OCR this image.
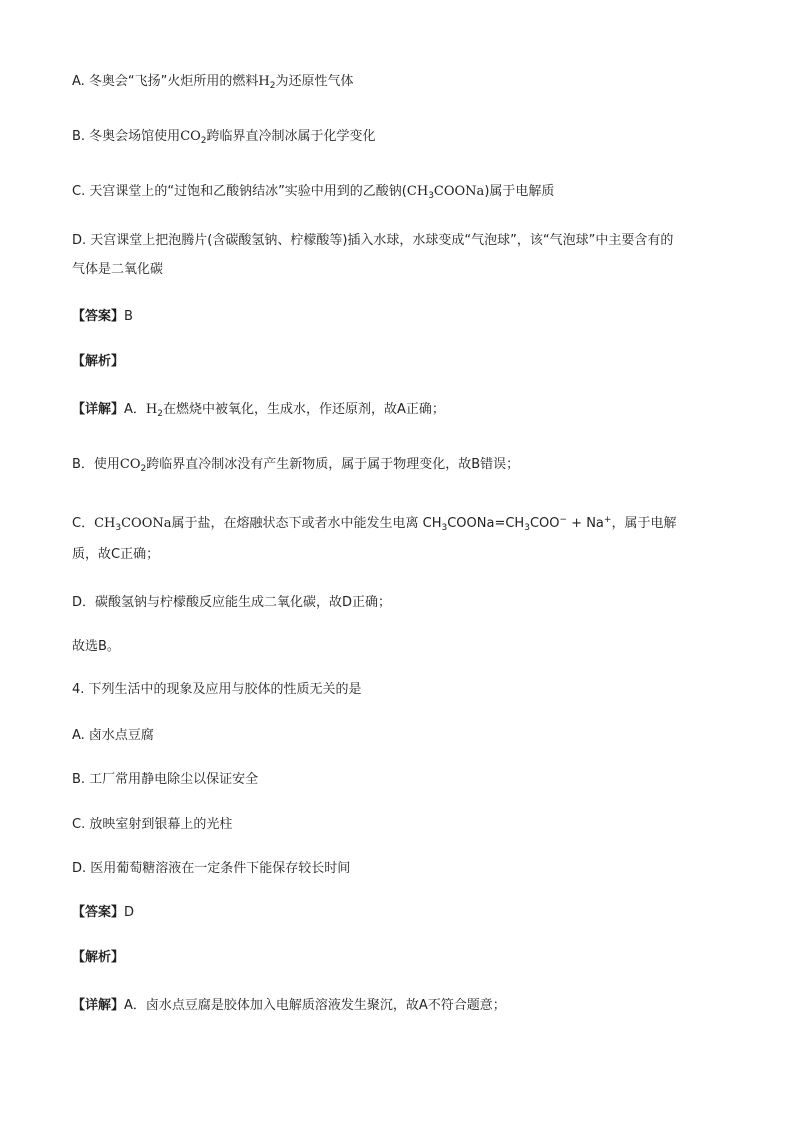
A. 冬奥会“飞扬”火炬所用的燃料$H_2$为还原性气体
B. 冬奥会场馆使用$CO_2$跨临界直冷制冰属于化学变化
C. 天宫课堂上的“过饱和乙酸钠结冰”实验中用到的乙酸钠$(CH_3COONa)$属于电解质
D. 天宫课堂上把泡腾片(含碳酸氢钠、柠檬酸等)插入水球，水球变成“气泡球”，该“气泡球”中主要含有的
气体是二氧化碳
【答案】B
【解析】
【详解】A．$H_2$在燃烧中被氧化，生成水，作还原剂，故A正确；
B．使用$CO_2$跨临界直冷制冰没有产生新物质，属于属于物理变化，故B错误；
C．$CH_3COONa$属于盐，在熔融状态下或者水中能发生电离 $CH_3COONa=CH_3COO^- + Na^+$，属于电解
质，故C正确；
D．碳酸氢钠与柠檬酸反应能生成二氧化碳，故D正确；
故选B。
4. 下列生活中的现象及应用与胶体的性质无关的是
A. 卤水点豆腐
B. 工厂常用静电除尘以保证安全
C. 放映室射到银幕上的光柱
D. 医用葡萄糖溶液在一定条件下能保存较长时间
【答案】D
【解析】
【详解】A．卤水点豆腐是胶体加入电解质溶液发生聚沉，故A不符合题意；
